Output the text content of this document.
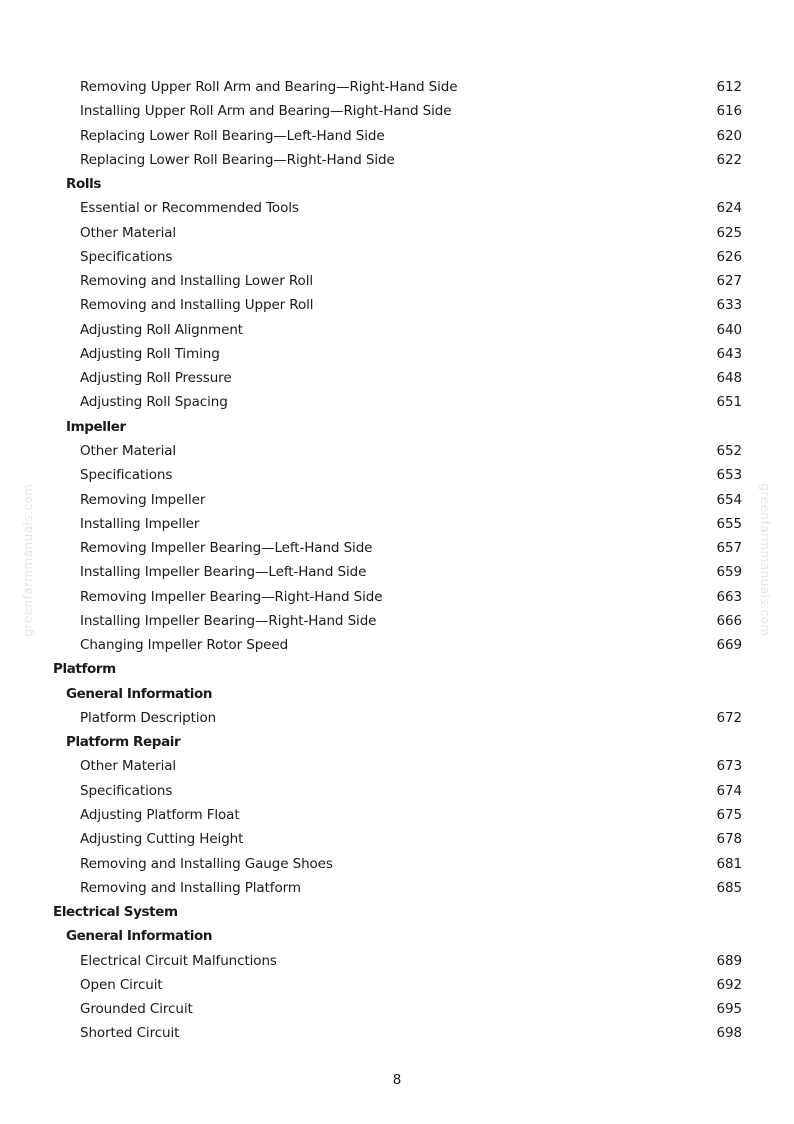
Removing Upper Roll Arm and Bearing—Right-Hand Side	612
Installing Upper Roll Arm and Bearing—Right-Hand Side	616
Replacing Lower Roll Bearing—Left-Hand Side	620
Replacing Lower Roll Bearing—Right-Hand Side	622
Rolls
Essential or Recommended Tools	624
Other Material	625
Specifications	626
Removing and Installing Lower Roll	627
Removing and Installing Upper Roll	633
Adjusting Roll Alignment	640
Adjusting Roll Timing	643
Adjusting Roll Pressure	648
Adjusting Roll Spacing	651
Impeller
Other Material	652
Specifications	653
Removing Impeller	654
Installing Impeller	655
Removing Impeller Bearing—Left-Hand Side	657
Installing Impeller Bearing—Left-Hand Side	659
Removing Impeller Bearing—Right-Hand Side	663
Installing Impeller Bearing—Right-Hand Side	666
Changing Impeller Rotor Speed	669
Platform
General Information
Platform Description	672
Platform Repair
Other Material	673
Specifications	674
Adjusting Platform Float	675
Adjusting Cutting Height	678
Removing and Installing Gauge Shoes	681
Removing and Installing Platform	685
Electrical System
General Information
Electrical Circuit Malfunctions	689
Open Circuit	692
Grounded Circuit	695
Shorted Circuit	698
8
greenfarmmanuals.com	greenfarmmanuals.com
